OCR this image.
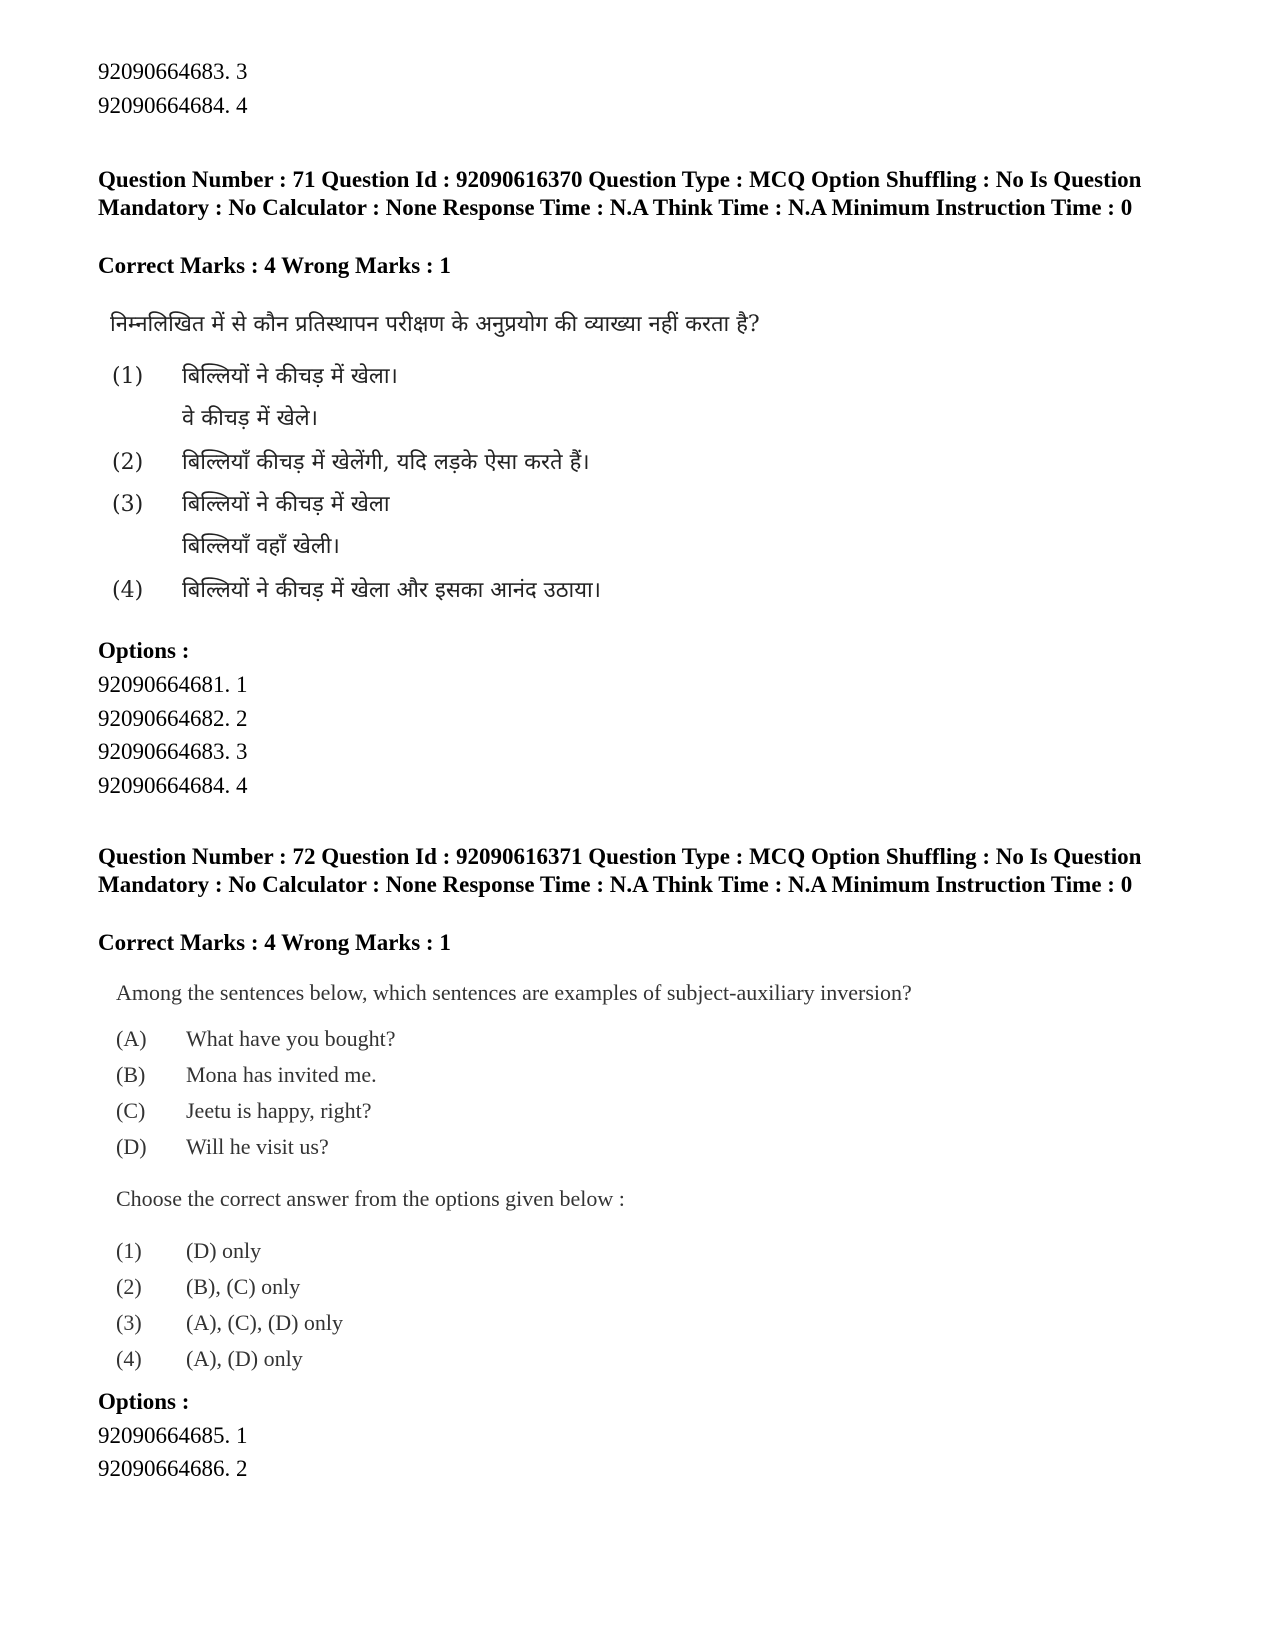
92090664683. 3
92090664684. 4
Question Number : 71 Question Id : 92090616370 Question Type : MCQ Option Shuffling : No Is Question Mandatory : No Calculator : None Response Time : N.A Think Time : N.A Minimum Instruction Time : 0
Correct Marks : 4 Wrong Marks : 1
निम्नलिखित में से कौन प्रतिस्थापन परीक्षण के अनुप्रयोग की व्याख्या नहीं करता है?
(1) बिल्लियों ने कीचड़ में खेला।
वे कीचड़ में खेले।
(2) बिल्लियाँ कीचड़ में खेलेंगी, यदि लड़के ऐसा करते हैं।
(3) बिल्लियों ने कीचड़ में खेला
बिल्लियाँ वहाँ खेली।
(4) बिल्लियों ने कीचड़ में खेला और इसका आनंद उठाया।
Options :
92090664681. 1
92090664682. 2
92090664683. 3
92090664684. 4
Question Number : 72 Question Id : 92090616371 Question Type : MCQ Option Shuffling : No Is Question Mandatory : No Calculator : None Response Time : N.A Think Time : N.A Minimum Instruction Time : 0
Correct Marks : 4 Wrong Marks : 1
Among the sentences below, which sentences are examples of subject-auxiliary inversion?
(A) What have you bought?
(B) Mona has invited me.
(C) Jeetu is happy, right?
(D) Will he visit us?
Choose the correct answer from the options given below :
(1) (D) only
(2) (B), (C) only
(3) (A), (C), (D) only
(4) (A), (D) only
Options :
92090664685. 1
92090664686. 2
